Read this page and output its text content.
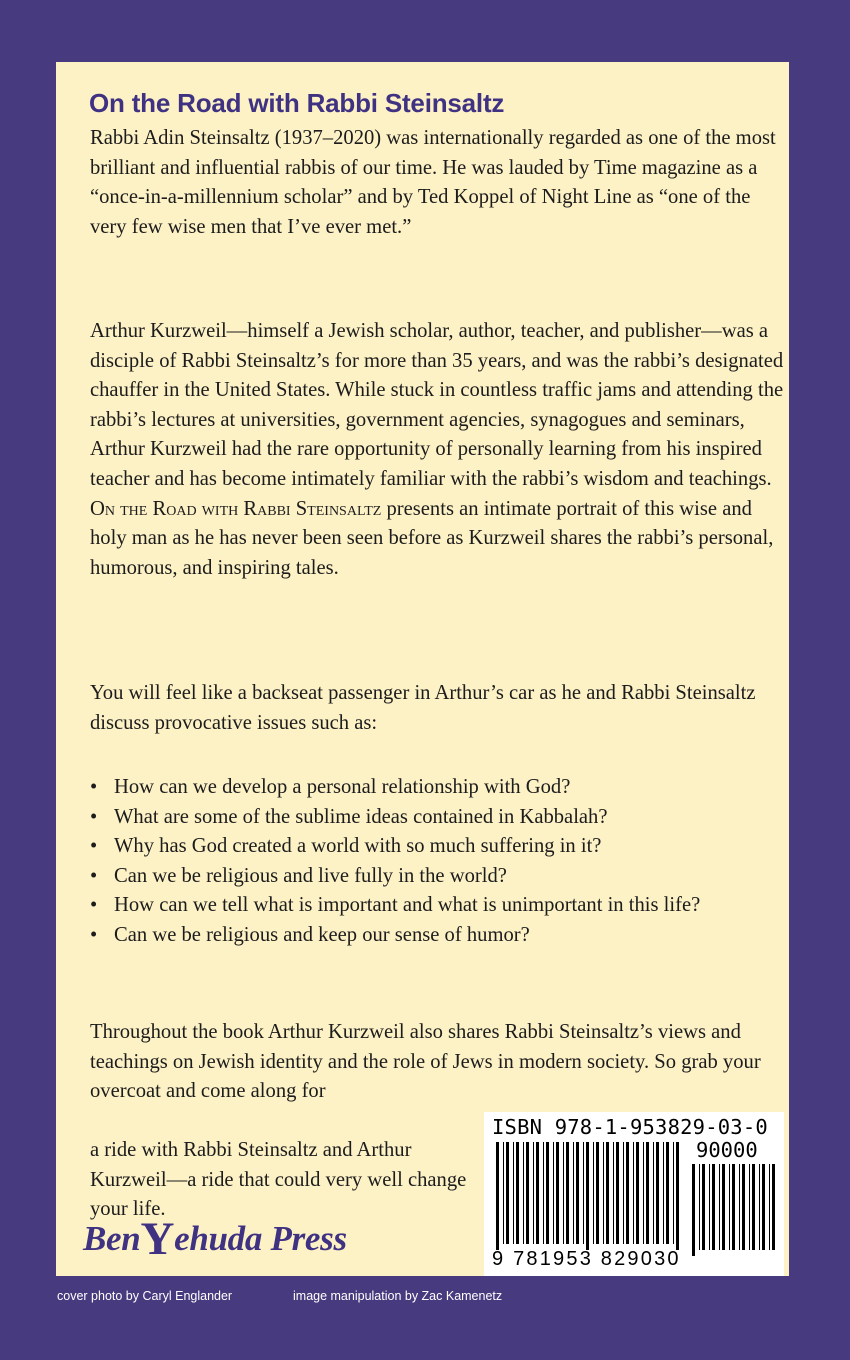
On the Road with Rabbi Steinsaltz

Rabbi Adin Steinsaltz (1937–2020) was internationally regarded as one of the most brilliant and influential rabbis of our time. He was lauded by Time magazine as a “once-in-a-millennium scholar” and by Ted Koppel of Night Line as “one of the very few wise men that I’ve ever met.”

Arthur Kurzweil—himself a Jewish scholar, author, teacher, and publisher—was a disciple of Rabbi Steinsaltz’s for more than 35 years, and was the rabbi’s designated chauffer in the United States. While stuck in countless traffic jams and attending the rabbi’s lectures at universities, government agencies, synagogues and seminars, Arthur Kurzweil had the rare opportunity of personally learning from his inspired teacher and has become intimately familiar with the rabbi’s wisdom and teachings. On the Road with Rabbi Steinsaltz presents an intimate portrait of this wise and holy man as he has never been seen before as Kurzweil shares the rabbi’s personal, humorous, and inspiring tales.

You will feel like a backseat passenger in Arthur’s car as he and Rabbi Steinsaltz discuss provocative issues such as:

• How can we develop a personal relationship with God?
• What are some of the sublime ideas contained in Kabbalah?
• Why has God created a world with so much suffering in it?
• Can we be religious and live fully in the world?
• How can we tell what is important and what is unimportant in this life?
• Can we be religious and keep our sense of humor?

Throughout the book Arthur Kurzweil also shares Rabbi Steinsaltz’s views and teachings on Jewish identity and the role of Jews in modern society. So grab your overcoat and come along for

a ride with Rabbi Steinsaltz and Arthur Kurzweil—a ride that could very well change your life.

BenYehuda Press
ISBN 978-1-953829-03-0
90000
9 781953 829030
cover photo by Caryl Englander	image manipulation by Zac Kamenetz
